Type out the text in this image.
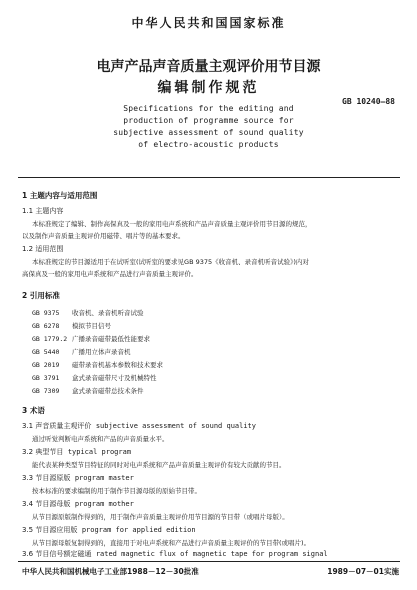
中华人民共和国国家标准
电声产品声音质量主观评价用节目源
编辑制作规范
GB 10240—88
Specifications for the editing and
production of programme source for
subjective assessment of sound quality
of electro-acoustic products
1 主题内容与适用范围
1.1 主题内容
本标准规定了编辑、制作高保真及一般的家用电声系统和产品声音质量主观评价用节目源的规范，
以及制作声音质量主观评价用磁带、唱片等的基本要求。
1.2 适用范围
本标准规定的节目源适用于在试听室(试听室的要求见GB 9375《收音机、录音机听音试验》)内对
高保真及一般的家用电声系统和产品进行声音质量主观评价。
2 引用标准
GB 9375 收音机、录音机听音试验
GB 6278 模拟节目信号
GB 1779.2 广播录音磁带最低性能要求
GB 5440 广播用立体声录音机
GB 2019 磁带录音机基本参数和技术要求
GB 3791 盒式录音磁带尺寸及机械特性
GB 7309 盒式录音磁带总技术条件
3 术语
3.1 声音质量主观评价 subjective assessment of sound quality
通过听觉判断电声系统和产品的声音质量水平。
3.2 典型节目 typical program
能代表某种类型节目特征的同时对电声系统和产品声音质量主观评价有较大贡献的节目。
3.3 节目源原版 program master
按本标准的要求编制的用于制作节目源母版的原始节目带。
3.4 节目源母版 program mother
从节目源原版制作得到的，用于制作声音质量主观评价用节目源的节目带（或唱片母版）。
3.5 节目源应用版 program for applied edition
从节目源母版复制得到的，直接用于对电声系统和产品进行声音质量主观评价的节目带(或唱片)。
3.6 节目信号额定磁通 rated magnetic flux of magnetic tape for program signal
中华人民共和国机械电子工业部1988－12－30批准	1989－07－01实施
